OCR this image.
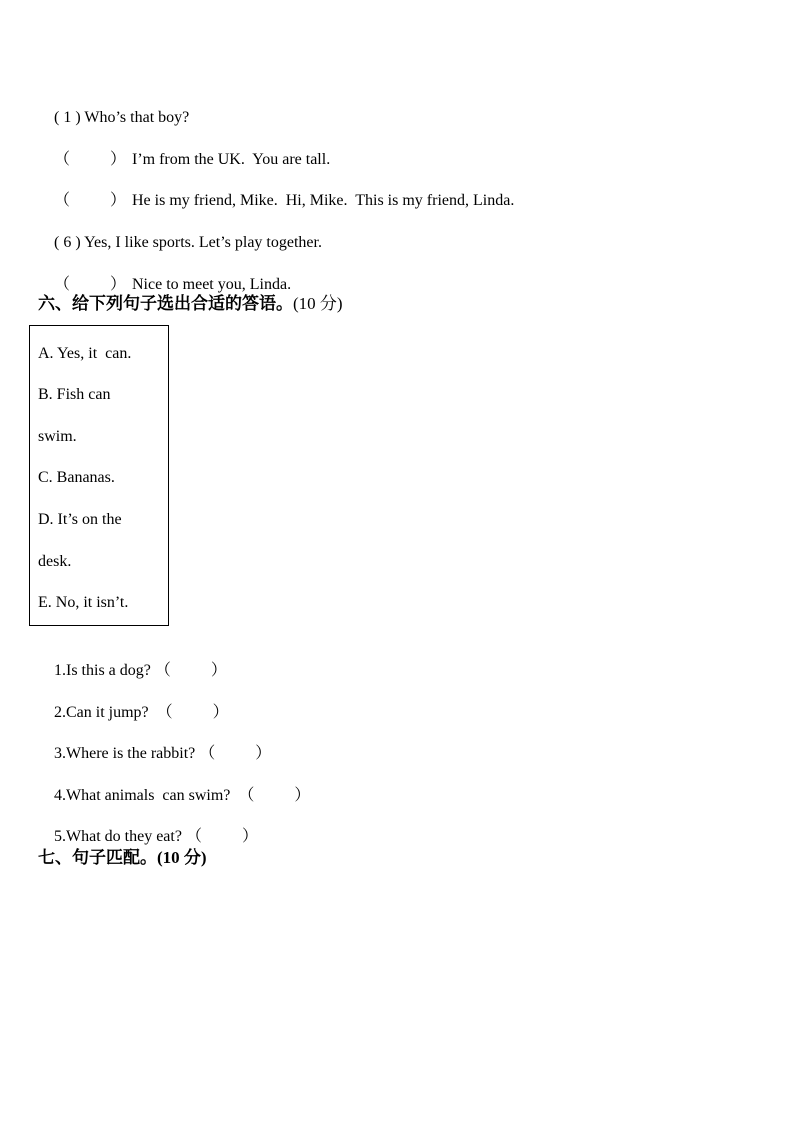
( 1 ) Who’s that boy?

（          ） I’m from the UK.  You are tall.

（          ） He is my friend, Mike.  Hi, Mike.  This is my friend, Linda.

( 6 ) Yes, I like sports. Let’s play together.

（          ） Nice to meet you, Linda.

六、给下列句子选出合适的答语。(10 分)
A. Yes, it  can.
B. Fish can
swim.
C. Bananas.
D. It’s on the
desk.
E. No, it isn’t.

1.Is this a dog? （          ）

2.Can it jump? （          ）

3.Where is the rabbit? （          ）

4.What animals  can swim? （          ）

5.What do they eat? （          ）

七、句子匹配。(10 分)
